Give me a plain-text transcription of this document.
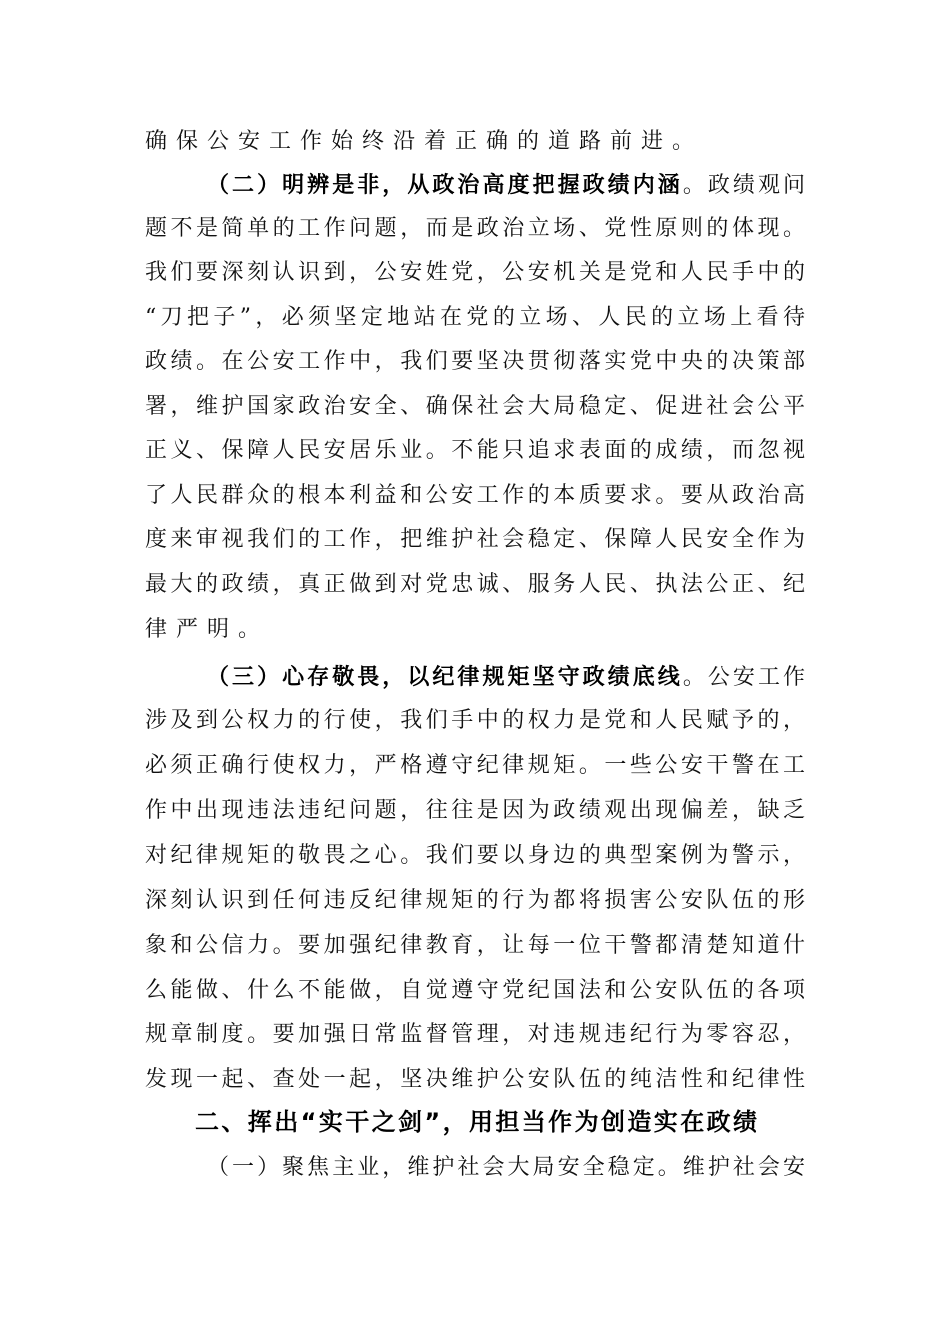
确保公安工作始终沿着正确的道路前进。
（二）明辨是非，从政治高度把握政绩内涵。政绩观问
题不是简单的工作问题，而是政治立场、党性原则的体现。
我们要深刻认识到，公安姓党，公安机关是党和人民手中的
“刀把子”，必须坚定地站在党的立场、人民的立场上看待
政绩。在公安工作中，我们要坚决贯彻落实党中央的决策部
署，维护国家政治安全、确保社会大局稳定、促进社会公平
正义、保障人民安居乐业。不能只追求表面的成绩，而忽视
了人民群众的根本利益和公安工作的本质要求。要从政治高
度来审视我们的工作，把维护社会稳定、保障人民安全作为
最大的政绩，真正做到对党忠诚、服务人民、执法公正、纪
律严明。
（三）心存敬畏，以纪律规矩坚守政绩底线。公安工作
涉及到公权力的行使，我们手中的权力是党和人民赋予的，
必须正确行使权力，严格遵守纪律规矩。一些公安干警在工
作中出现违法违纪问题，往往是因为政绩观出现偏差，缺乏
对纪律规矩的敬畏之心。我们要以身边的典型案例为警示，
深刻认识到任何违反纪律规矩的行为都将损害公安队伍的形
象和公信力。要加强纪律教育，让每一位干警都清楚知道什
么能做、什么不能做，自觉遵守党纪国法和公安队伍的各项
规章制度。要加强日常监督管理，对违规违纪行为零容忍，
发现一起、查处一起，坚决维护公安队伍的纯洁性和纪律性
二、挥出“实干之剑”，用担当作为创造实在政绩
（一）聚焦主业，维护社会大局安全稳定。维护社会安
